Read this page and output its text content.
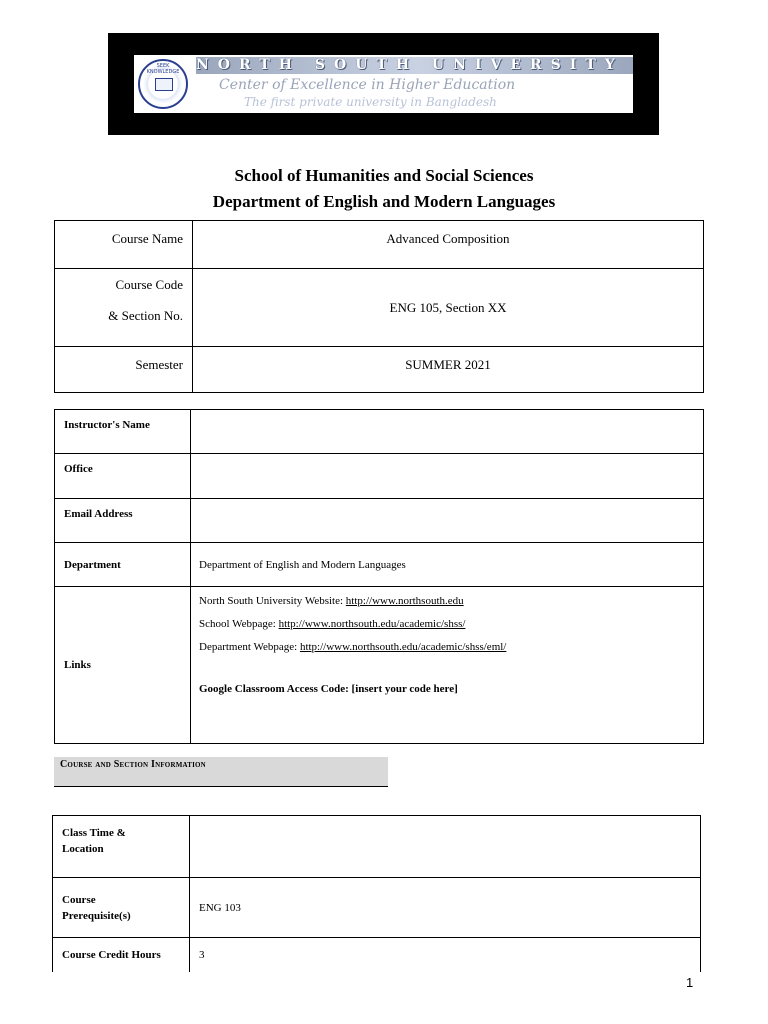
SEEK KNOWLEDGE	NORTH SOUTH UNIVERSITY
Center of Excellence in Higher Education
The first private university in Bangladesh
School of Humanities and Social Sciences
Department of English and Modern Languages
Course Name	Advanced Composition

Course Code
& Section No.	ENG 105, Section XX
Semester	SUMMER 2021
Instructor's Name	
Office	
Email Address	
Department	Department of English and Modern Languages
Links	North South University Website: http://www.northsouth.edu
School Webpage: http://www.northsouth.edu/academic/shss/
Department Webpage: http://www.northsouth.edu/academic/shss/eml/
Google Classroom Access Code: [insert your code here]
Course and Section Information
Class Time &
Location	

Course
Prerequisite(s)	ENG 103
Course Credit Hours	3
1
